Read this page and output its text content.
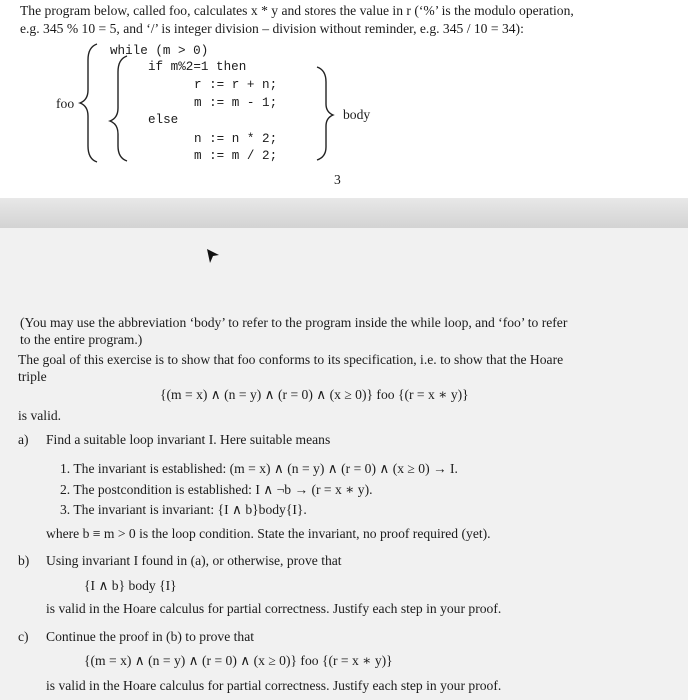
The program below, called foo, calculates x * y and stores the value in r (‘%’ is the modulo operation,
e.g. 345 % 10 = 5, and ‘/’ is integer division – division without reminder, e.g. 345 / 10 = 34):
foo
body
while (m > 0)
if m%2=1 then
r := r + n;
m := m - 1;
else
n := n * 2;
m := m / 2;
3
(You may use the abbreviation ‘body’ to refer to the program inside the while loop, and ‘foo’ to refer
to the entire program.)
The goal of this exercise is to show that foo conforms to its specification, i.e. to show that the Hoare
triple
{(m = x) ∧ (n = y) ∧ (r = 0) ∧ (x ≥ 0)} foo {(r = x ∗ y)}
is valid.
a) Find a suitable loop invariant I. Here suitable means
1. The invariant is established: (m = x) ∧ (n = y) ∧ (r = 0) ∧ (x ≥ 0) → I.
2. The postcondition is established: I ∧ ¬b → (r = x ∗ y).
3. The invariant is invariant: {I ∧ b}body{I}.
where b ≡ m > 0 is the loop condition. State the invariant, no proof required (yet).
b) Using invariant I found in (a), or otherwise, prove that
{I ∧ b} body {I}
is valid in the Hoare calculus for partial correctness. Justify each step in your proof.
c) Continue the proof in (b) to prove that
{(m = x) ∧ (n = y) ∧ (r = 0) ∧ (x ≥ 0)} foo {(r = x ∗ y)}
is valid in the Hoare calculus for partial correctness. Justify each step in your proof.
